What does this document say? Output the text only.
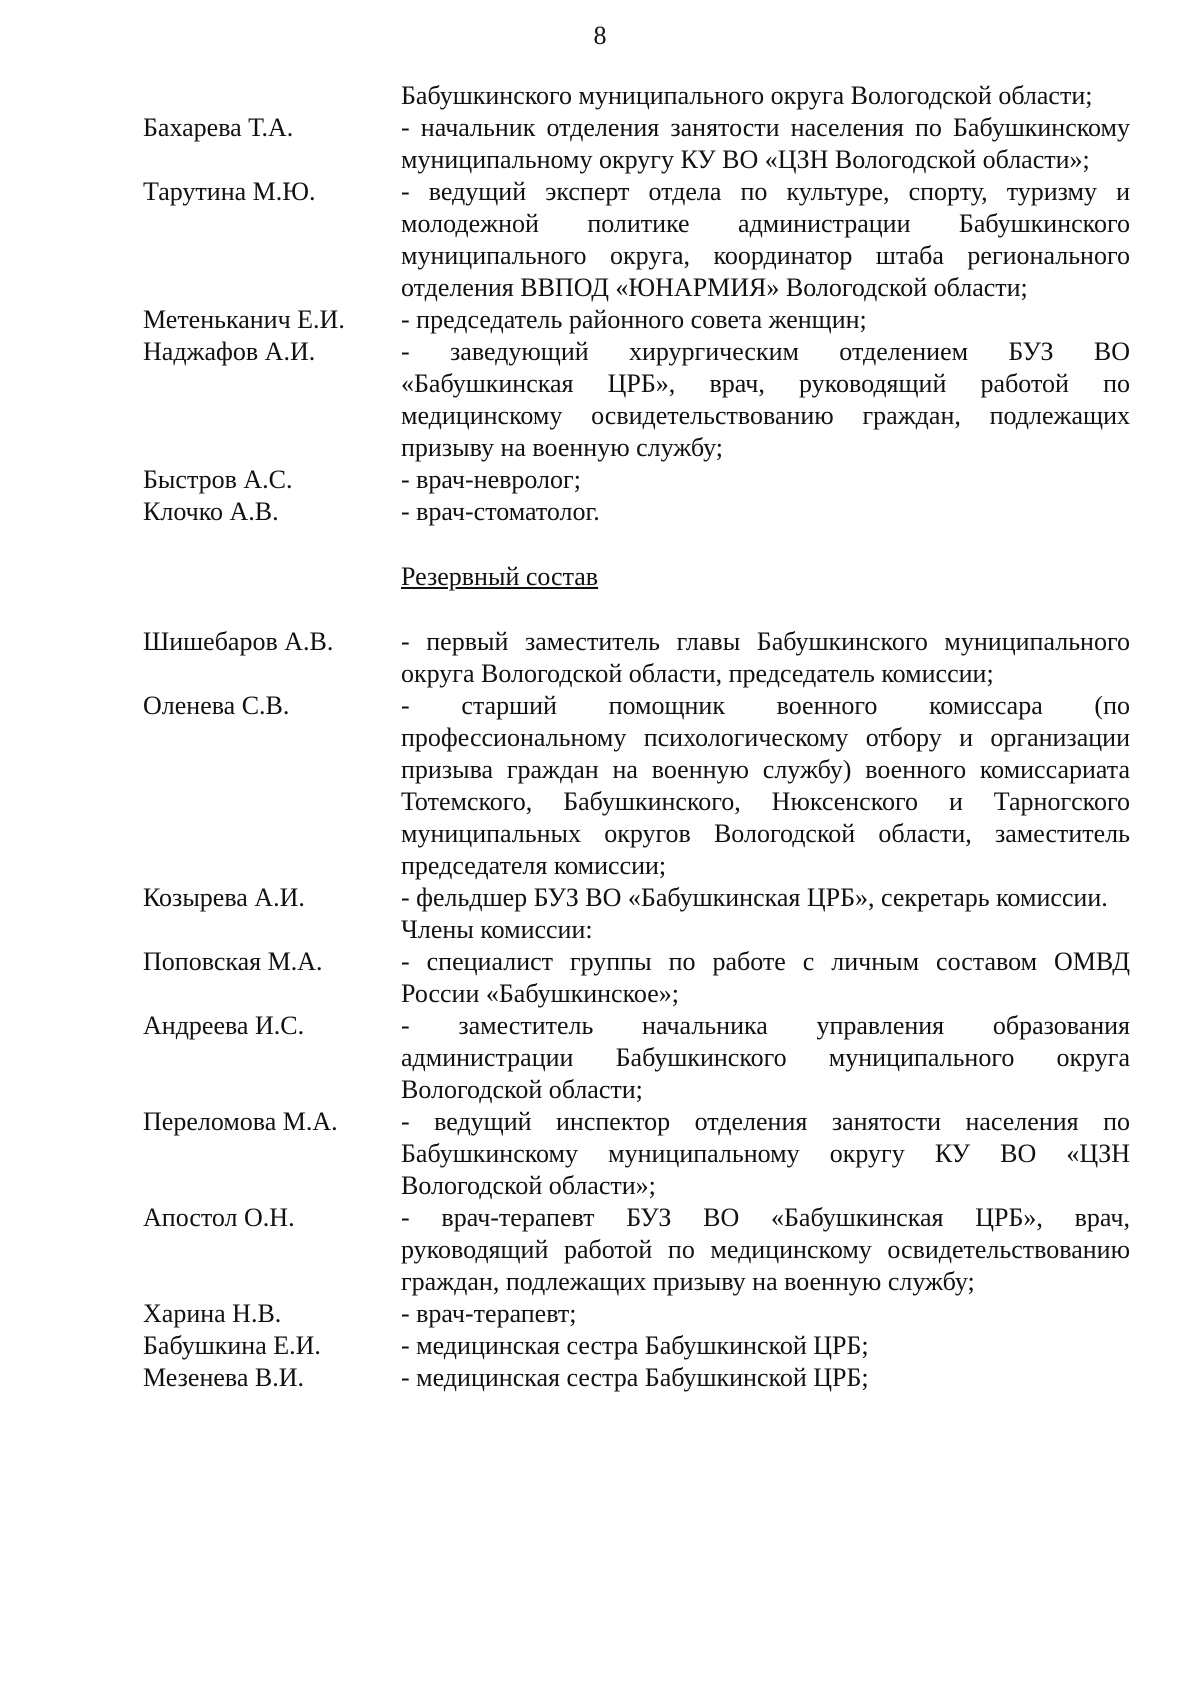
8
Бабушкинского муниципального округа Вологодской области;
Бахарева Т.А.	- начальник отделения занятости населения по Бабушкинскому муниципальному округу КУ ВО «ЦЗН Вологодской области»;
Тарутина М.Ю.	- ведущий эксперт отдела по культуре, спорту, туризму и молодежной политике администрации Бабушкинского муниципального округа, координатор штаба регионального отделения ВВПОД «ЮНАРМИЯ» Вологодской области;
Метеньканич Е.И.	- председатель районного совета женщин;
Наджафов А.И.	- заведующий хирургическим отделением БУЗ ВО «Бабушкинская ЦРБ», врач, руководящий работой по медицинскому освидетельствованию граждан, подлежащих призыву на военную службу;
Быстров А.С.	- врач-невролог;
Клочко А.В.	- врач-стоматолог.
Резервный состав
Шишебаров А.В.	- первый заместитель главы Бабушкинского муниципального округа Вологодской области, председатель комиссии;
Оленева С.В.	- старший помощник военного комиссара (по профессиональному психологическому отбору и организации призыва граждан на военную службу) военного комиссариата Тотемского, Бабушкинского, Нюксенского и Тарногского муниципальных округов Вологодской области, заместитель председателя комиссии;
Козырева А.И.	- фельдшер БУЗ ВО «Бабушкинская ЦРБ», секретарь комиссии.
Члены комиссии:
Поповская М.А.	- специалист группы по работе с личным составом ОМВД России «Бабушкинское»;
Андреева И.С.	- заместитель начальника управления образования администрации Бабушкинского муниципального округа Вологодской области;
Переломова М.А.	- ведущий инспектор отделения занятости населения по Бабушкинскому муниципальному округу КУ ВО «ЦЗН Вологодской области»;
Апостол О.Н.	- врач-терапевт БУЗ ВО «Бабушкинская ЦРБ», врач, руководящий работой по медицинскому освидетельствованию граждан, подлежащих призыву на военную службу;
Харина Н.В.	- врач-терапевт;
Бабушкина Е.И.	- медицинская сестра Бабушкинской ЦРБ;
Мезенева В.И.	- медицинская сестра Бабушкинской ЦРБ;
